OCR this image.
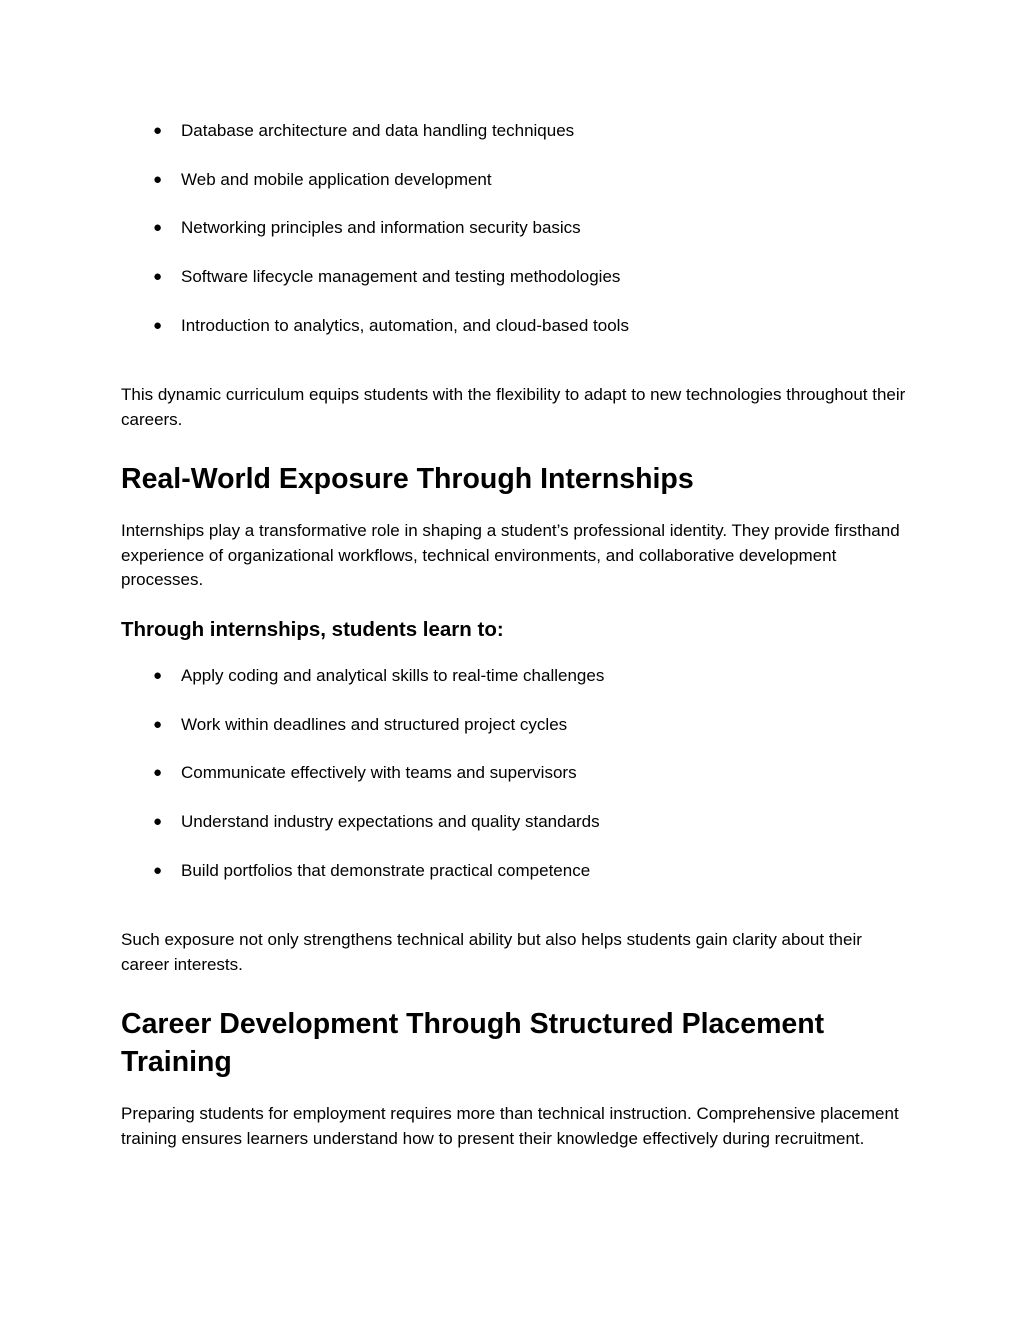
● Database architecture and data handling techniques
● Web and mobile application development
● Networking principles and information security basics
● Software lifecycle management and testing methodologies
● Introduction to analytics, automation, and cloud-based tools
This dynamic curriculum equips students with the flexibility to adapt to new technologies throughout their careers.
Real-World Exposure Through Internships
Internships play a transformative role in shaping a student’s professional identity. They provide firsthand experience of organizational workflows, technical environments, and collaborative development processes.
Through internships, students learn to:
● Apply coding and analytical skills to real-time challenges
● Work within deadlines and structured project cycles
● Communicate effectively with teams and supervisors
● Understand industry expectations and quality standards
● Build portfolios that demonstrate practical competence
Such exposure not only strengthens technical ability but also helps students gain clarity about their career interests.
Career Development Through Structured Placement Training
Preparing students for employment requires more than technical instruction. Comprehensive placement training ensures learners understand how to present their knowledge effectively during recruitment.
